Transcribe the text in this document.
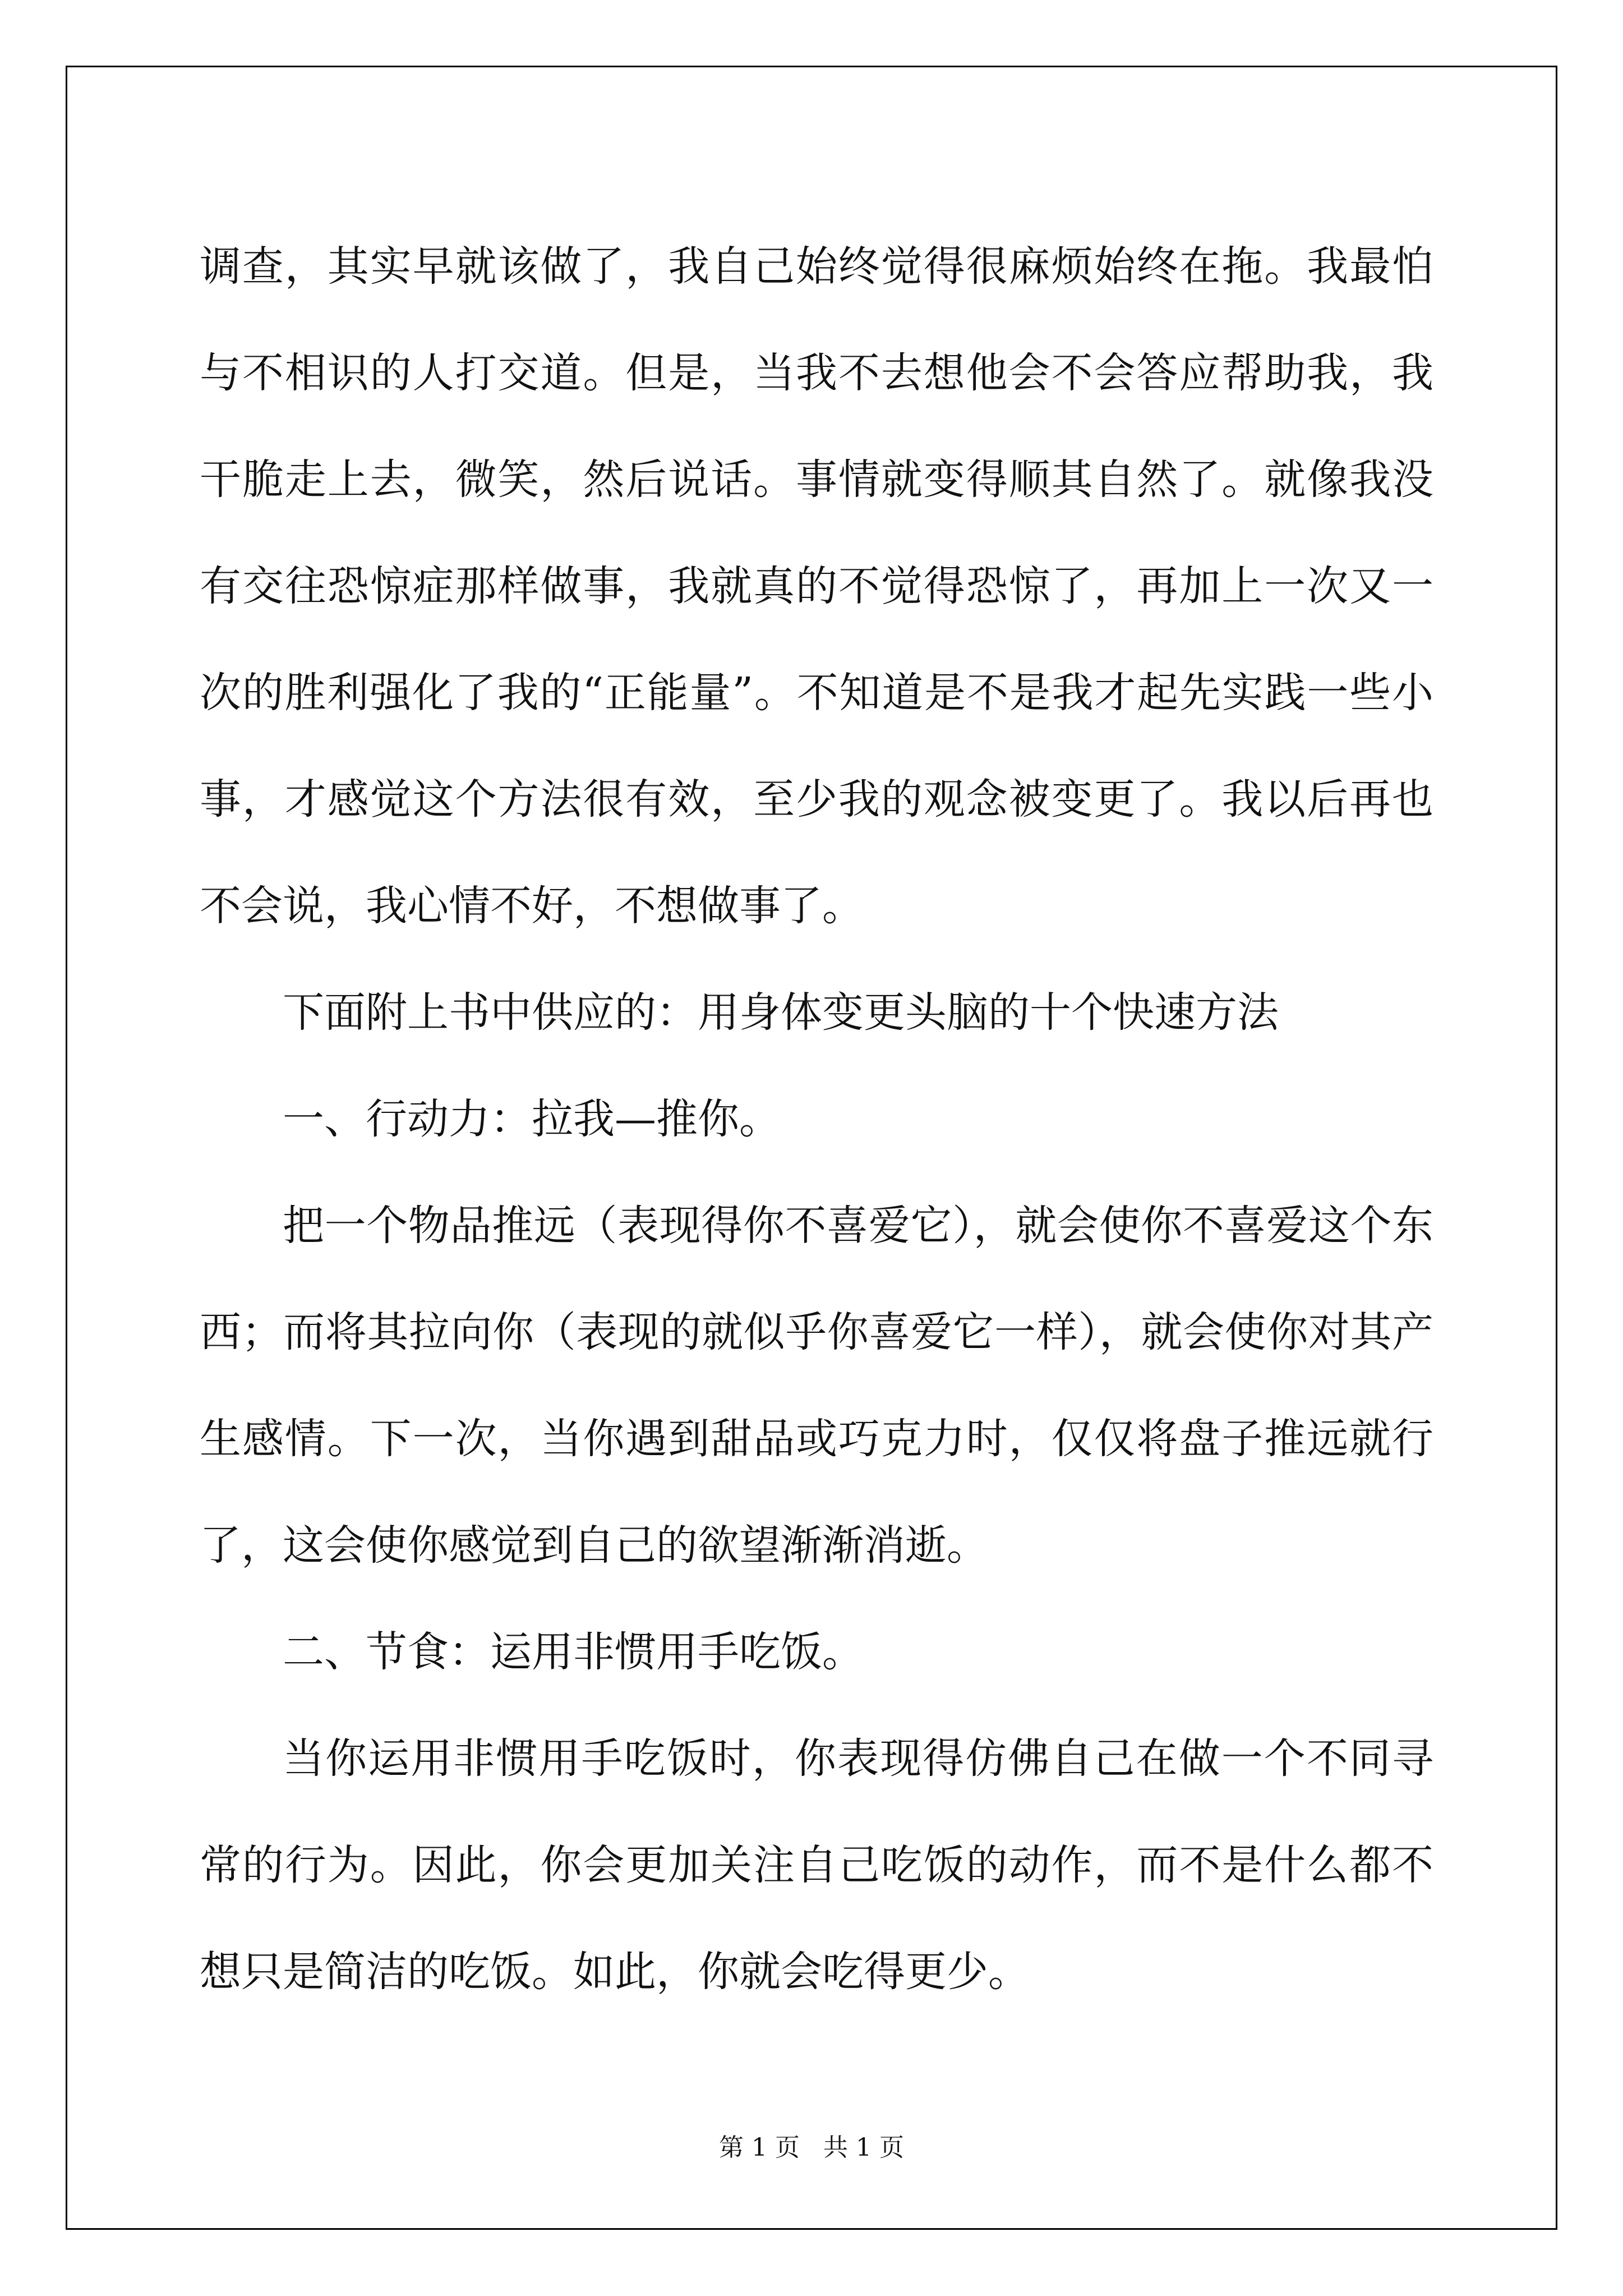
调查，其实早就该做了，我自己始终觉得很麻烦始终在拖。我最怕与不相识的人打交道。但是，当我不去想他会不会答应帮助我，我干脆走上去，微笑，然后说话。事情就变得顺其自然了。就像我没有交往恐惊症那样做事，我就真的不觉得恐惊了，再加上一次又一次的胜利强化了我的“正能量”。不知道是不是我才起先实践一些小事，才感觉这个方法很有效，至少我的观念被变更了。我以后再也不会说，我心情不好，不想做事了。

下面附上书中供应的：用身体变更头脑的十个快速方法

一、行动力：拉我—推你。

把一个物品推远（表现得你不喜爱它），就会使你不喜爱这个东西；而将其拉向你（表现的就似乎你喜爱它一样），就会使你对其产生感情。下一次，当你遇到甜品或巧克力时，仅仅将盘子推远就行了，这会使你感觉到自己的欲望渐渐消逝。

二、节食：运用非惯用手吃饭。

当你运用非惯用手吃饭时，你表现得仿佛自己在做一个不同寻常的行为。因此，你会更加关注自己吃饭的动作，而不是什么都不想只是简洁的吃饭。如此，你就会吃得更少。

第 1 页   共 1 页
